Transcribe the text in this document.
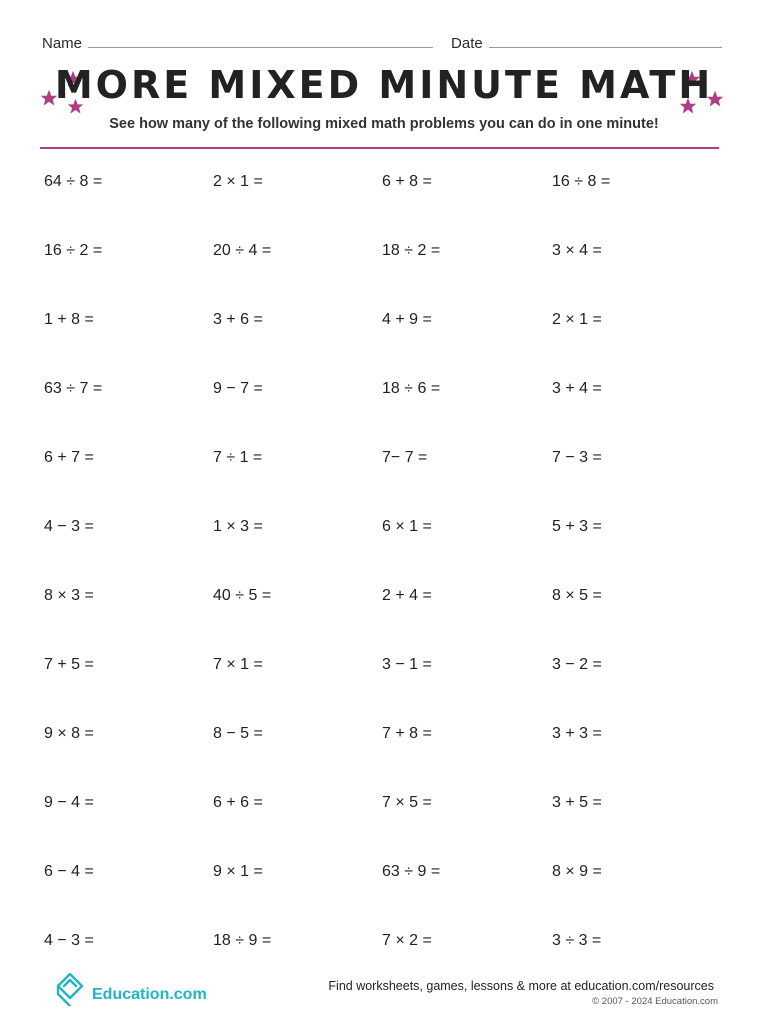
Name	Date
MORE MIXED MINUTE MATH
See how many of the following mixed math problems you can do in one minute!
64 ÷ 8 =	2 × 1 =	6 + 8 =	16 ÷ 8 =
16 ÷ 2 =	20 ÷ 4 =	18 ÷ 2 =	3 × 4 =
1 + 8 =	3 + 6 =	4 + 9 =	2 × 1 =
63 ÷ 7 =	9 − 7 =	18 ÷ 6 =	3 + 4 =
6 + 7 =	7 ÷ 1 =	7− 7 =	7 − 3 =
4 − 3 =	1 × 3 =	6 × 1 =	5 + 3 =
8 × 3 =	40 ÷ 5 =	2 + 4 =	8 × 5 =
7 + 5 =	7 × 1 =	3 − 1 =	3 − 2 =
9 × 8 =	8 − 5 =	7 + 8 =	3 + 3 =
9 − 4 =	6 + 6 =	7 × 5 =	3 + 5 =
6 − 4 =	9 × 1 =	63 ÷ 9 =	8 × 9 =
4 − 3 =	18 ÷ 9 =	7 × 2 =	3 ÷ 3 =
Education.com	Find worksheets, games, lessons & more at education.com/resources
© 2007 - 2024 Education.com
